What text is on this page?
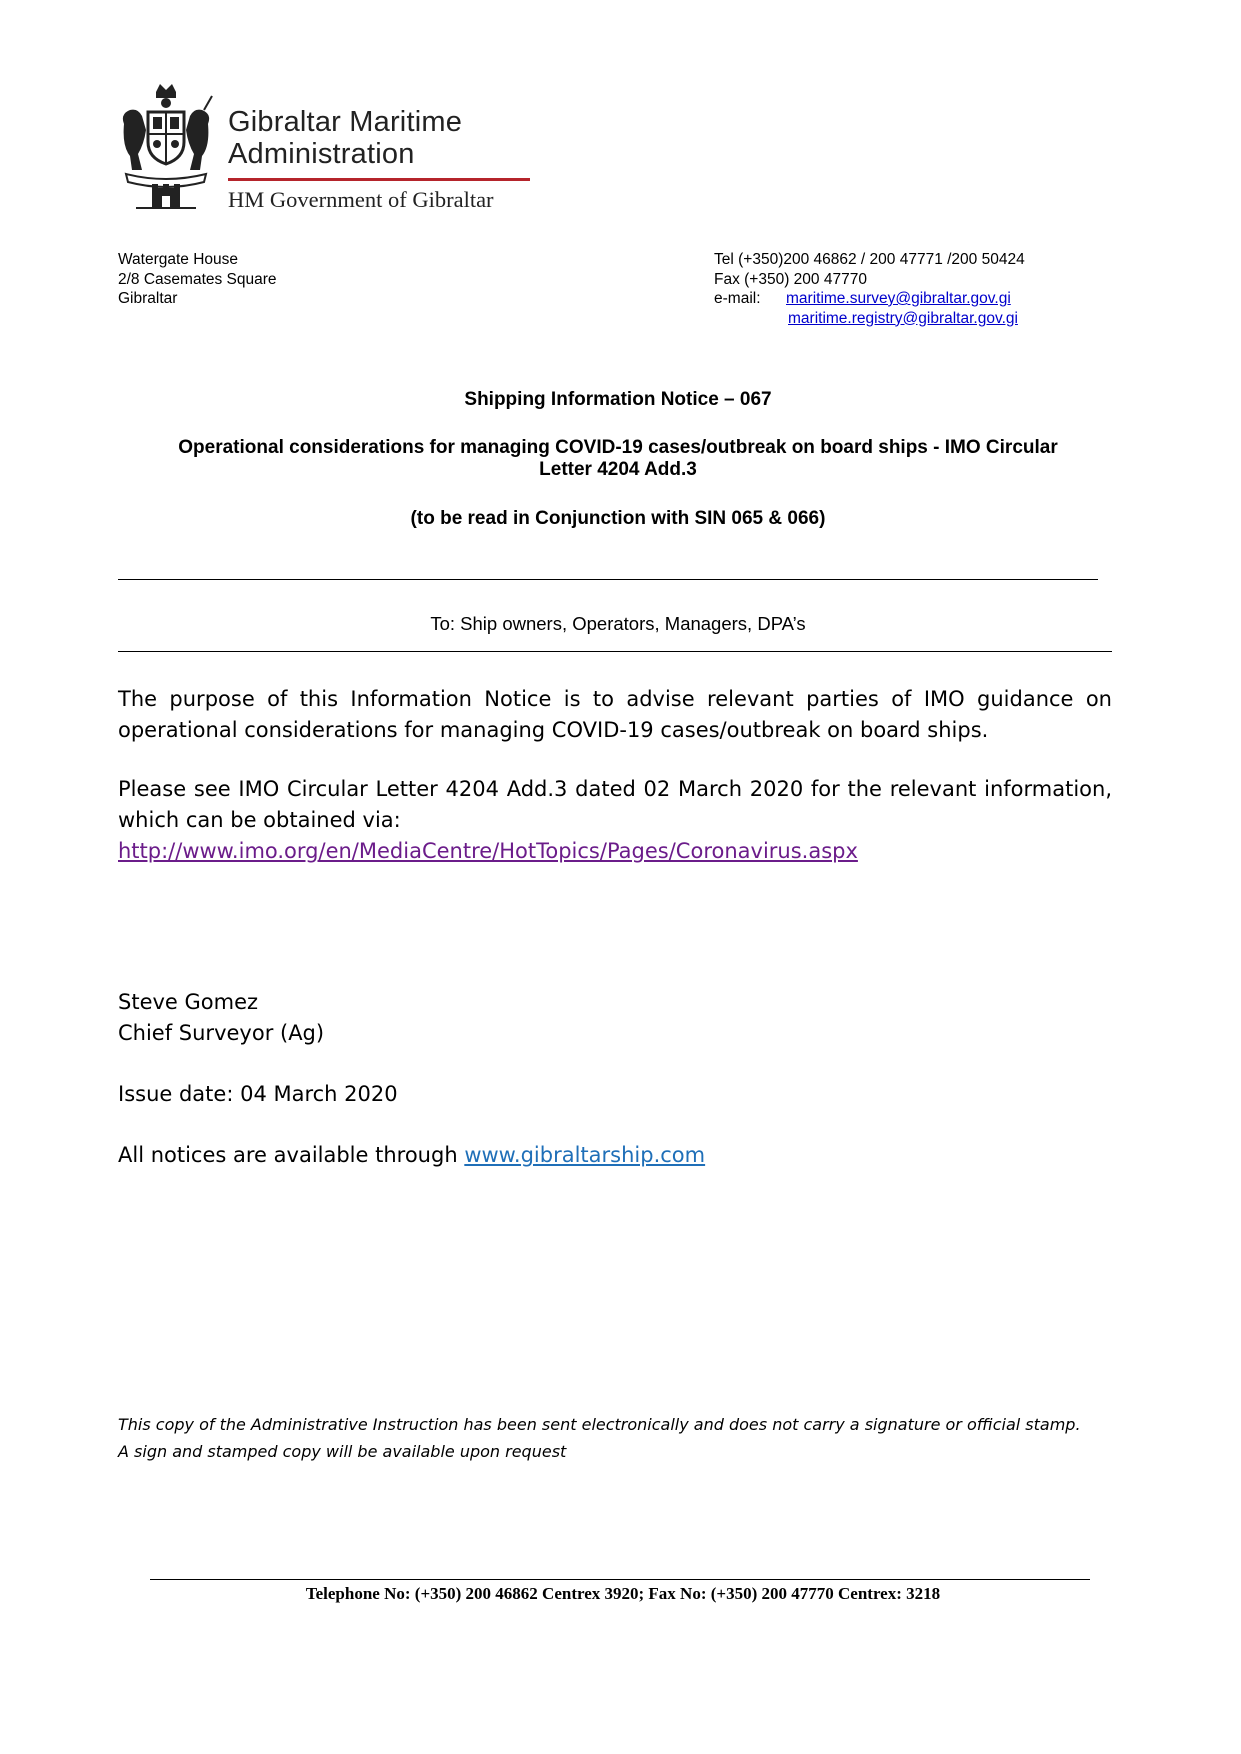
Gibraltar Maritime
Administration
HM Government of Gibraltar
Watergate House
2/8 Casemates Square
Gibraltar
Tel (+350)200 46862 / 200 47771 /200 50424
Fax (+350) 200 47770
e-mail: maritime.survey@gibraltar.gov.gi
maritime.registry@gibraltar.gov.gi
Shipping Information Notice – 067
Operational considerations for managing COVID-19 cases/outbreak on board ships - IMO Circular
Letter 4204 Add.3
(to be read in Conjunction with SIN 065 & 066)
To: Ship owners, Operators, Managers, DPA’s
The purpose of this Information Notice is to advise relevant parties of IMO guidance on operational considerations for managing COVID-19 cases/outbreak on board ships.
Please see IMO Circular Letter 4204 Add.3 dated 02 March 2020 for the relevant information, which can be obtained via:
http://www.imo.org/en/MediaCentre/HotTopics/Pages/Coronavirus.aspx
Steve Gomez
Chief Surveyor (Ag)
Issue date: 04 March 2020
All notices are available through www.gibraltarship.com
This copy of the Administrative Instruction has been sent electronically and does not carry a signature or official stamp.
A sign and stamped copy will be available upon request
Telephone No: (+350) 200 46862 Centrex 3920; Fax No: (+350) 200 47770 Centrex: 3218
